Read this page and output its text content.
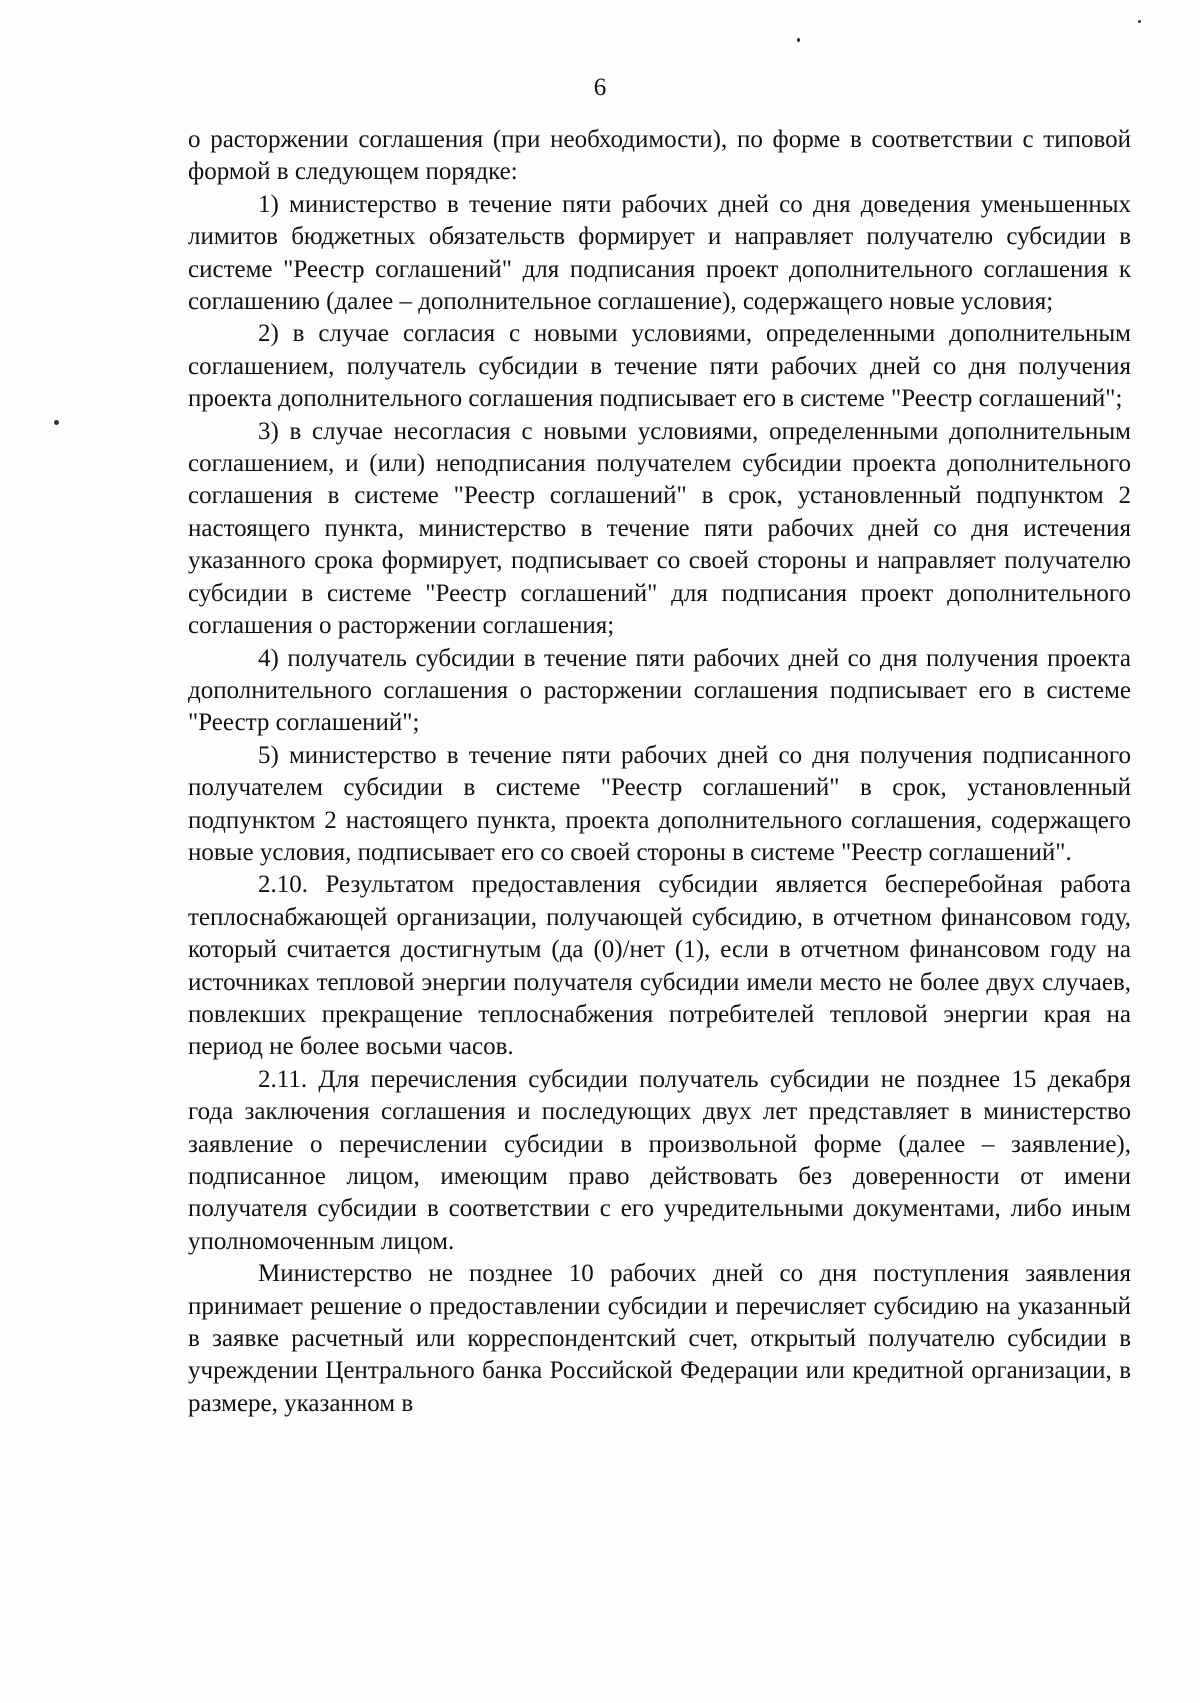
6

о расторжении соглашения (при необходимости), по форме в соответствии с типовой формой в следующем порядке:

1) министерство в течение пяти рабочих дней со дня доведения уменьшенных лимитов бюджетных обязательств формирует и направляет получателю субсидии в системе "Реестр соглашений" для подписания проект дополнительного соглашения к соглашению (далее – дополнительное соглашение), содержащего новые условия;

2) в случае согласия с новыми условиями, определенными дополнительным соглашением, получатель субсидии в течение пяти рабочих дней со дня получения проекта дополнительного соглашения подписывает его в системе "Реестр соглашений";

3) в случае несогласия с новыми условиями, определенными дополнительным соглашением, и (или) неподписания получателем субсидии проекта дополнительного соглашения в системе "Реестр соглашений" в срок, установленный подпунктом 2 настоящего пункта, министерство в течение пяти рабочих дней со дня истечения указанного срока формирует, подписывает со своей стороны и направляет получателю субсидии в системе "Реестр соглашений" для подписания проект дополнительного соглашения о расторжении соглашения;

4) получатель субсидии в течение пяти рабочих дней со дня получения проекта дополнительного соглашения о расторжении соглашения подписывает его в системе "Реестр соглашений";

5) министерство в течение пяти рабочих дней со дня получения подписанного получателем субсидии в системе "Реестр соглашений" в срок, установленный подпунктом 2 настоящего пункта, проекта дополнительного соглашения, содержащего новые условия, подписывает его со своей стороны в системе "Реестр соглашений".

2.10. Результатом предоставления субсидии является бесперебойная работа теплоснабжающей организации, получающей субсидию, в отчетном финансовом году, который считается достигнутым (да (0)/нет (1), если в отчетном финансовом году на источниках тепловой энергии получателя субсидии имели место не более двух случаев, повлекших прекращение теплоснабжения потребителей тепловой энергии края на период не более восьми часов.

2.11. Для перечисления субсидии получатель субсидии не позднее 15 декабря года заключения соглашения и последующих двух лет представляет в министерство заявление о перечислении субсидии в произвольной форме (далее – заявление), подписанное лицом, имеющим право действовать без доверенности от имени получателя субсидии в соответствии с его учредительными документами, либо иным уполномоченным лицом.

Министерство не позднее 10 рабочих дней со дня поступления заявления принимает решение о предоставлении субсидии и перечисляет субсидию на указанный в заявке расчетный или корреспондентский счет, открытый получателю субсидии в учреждении Центрального банка Российской Федерации или кредитной организации, в размере, указанном в
